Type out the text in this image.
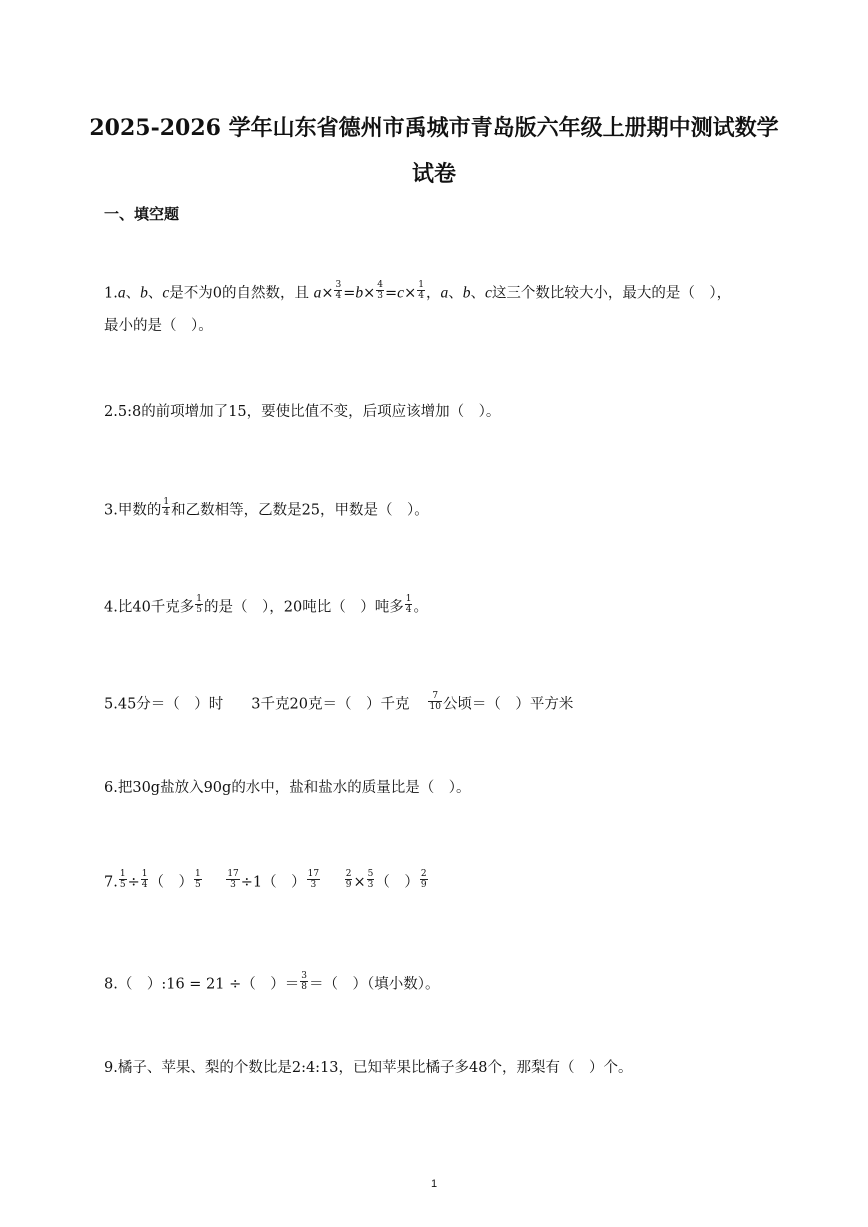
2025-2026 学年山东省德州市禹城市青岛版六年级上册期中测试数学
试卷
一、填空题
1.a、b、c是不为0的自然数，且 $a\times \frac{3}{4} =b\times \frac{4}{3} =c\times \frac{1}{4}$ ，a、b、c这三个数比较大小，最大的是（　），
最小的是（　）。
2.5:8的前项增加了15，要使比值不变，后项应该增加（　）。
3.甲数的 $\frac{1}{4}$ 和乙数相等，乙数是25，甲数是（　）。
4.比40千克多 $\frac{1}{5}$ 的是（　），20吨比（　）吨多 $\frac{1}{4}$ 。
5.45分＝（　）时 3千克20克＝（　）千克 $\frac{7}{10}$ 公顷＝（　）平方米
6.把30g盐放入90g的水中，盐和盐水的质量比是（　）。
7. $\frac{1}{5} \div \frac{1}{4}$ （　） $\frac{1}{5}$
	$\frac{17}{3} \div 1$（　） $\frac{17}{3}$
	$\frac{2}{9} \times \frac{5}{3}$ （　） $\frac{2}{9}$
8.（　）:16 = 21 ÷（　）＝ $\frac{3}{8}$ ＝（　）（填小数）。
9.橘子、苹果、梨的个数比是2:4:13，已知苹果比橘子多48个，那梨有（　）个。
1
